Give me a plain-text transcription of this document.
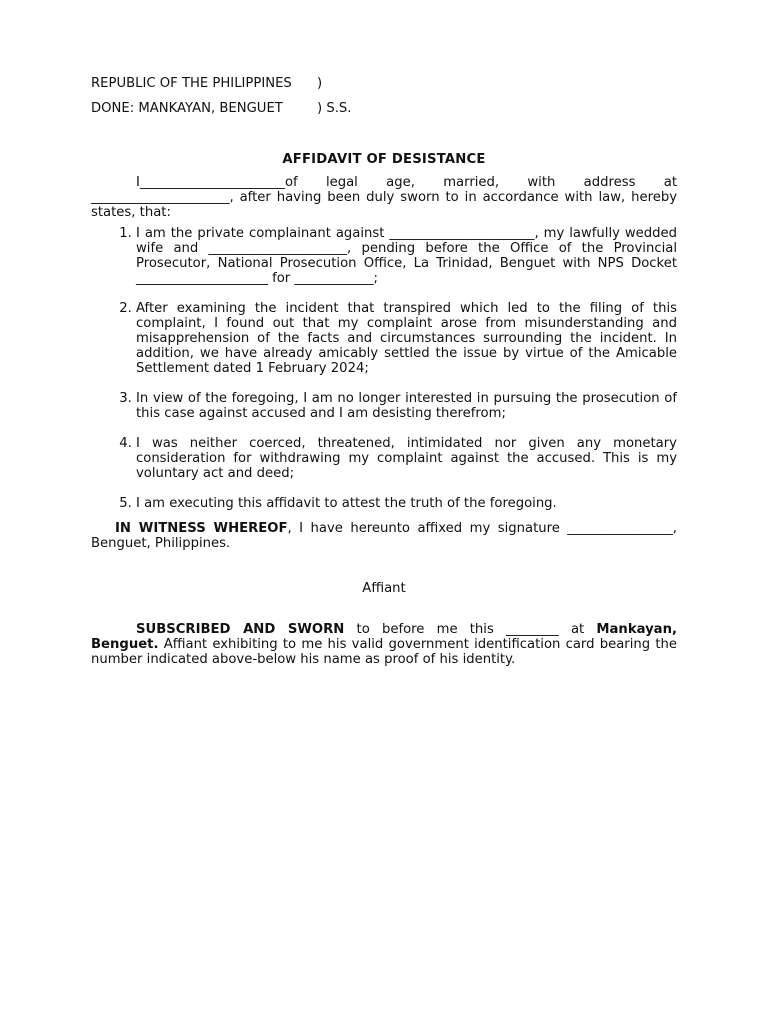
REPUBLIC OF THE PHILIPPINES	)
DONE: MANKAYAN, BENGUET	) S.S.
AFFIDAVIT OF DESISTANCE

I______________________of legal age, married, with address at _____________________, after having been duly sworn to in accordance with law, hereby states, that:

1. I am the private complainant against ______________________, my lawfully wedded wife and _____________________, pending before the Office of the Provincial Prosecutor, National Prosecution Office, La Trinidad, Benguet with NPS Docket ____________________ for ____________;
2. After examining the incident that transpired which led to the filing of this complaint, I found out that my complaint arose from misunderstanding and misapprehension of the facts and circumstances surrounding the incident. In addition, we have already amicably settled the issue by virtue of the Amicable Settlement dated 1 February 2024;
3. In view of the foregoing, I am no longer interested in pursuing the prosecution of this case against accused and I am desisting therefrom;
4. I was neither coerced, threatened, intimidated nor given any monetary consideration for withdrawing my complaint against the accused. This is my voluntary act and deed;
5. I am executing this affidavit to attest the truth of the foregoing.

IN WITNESS WHEREOF, I have hereunto affixed my signature ________________, Benguet, Philippines.

Affiant

SUBSCRIBED AND SWORN to before me this ________ at Mankayan, Benguet. Affiant exhibiting to me his valid government identification card bearing the number indicated above-below his name as proof of his identity.
